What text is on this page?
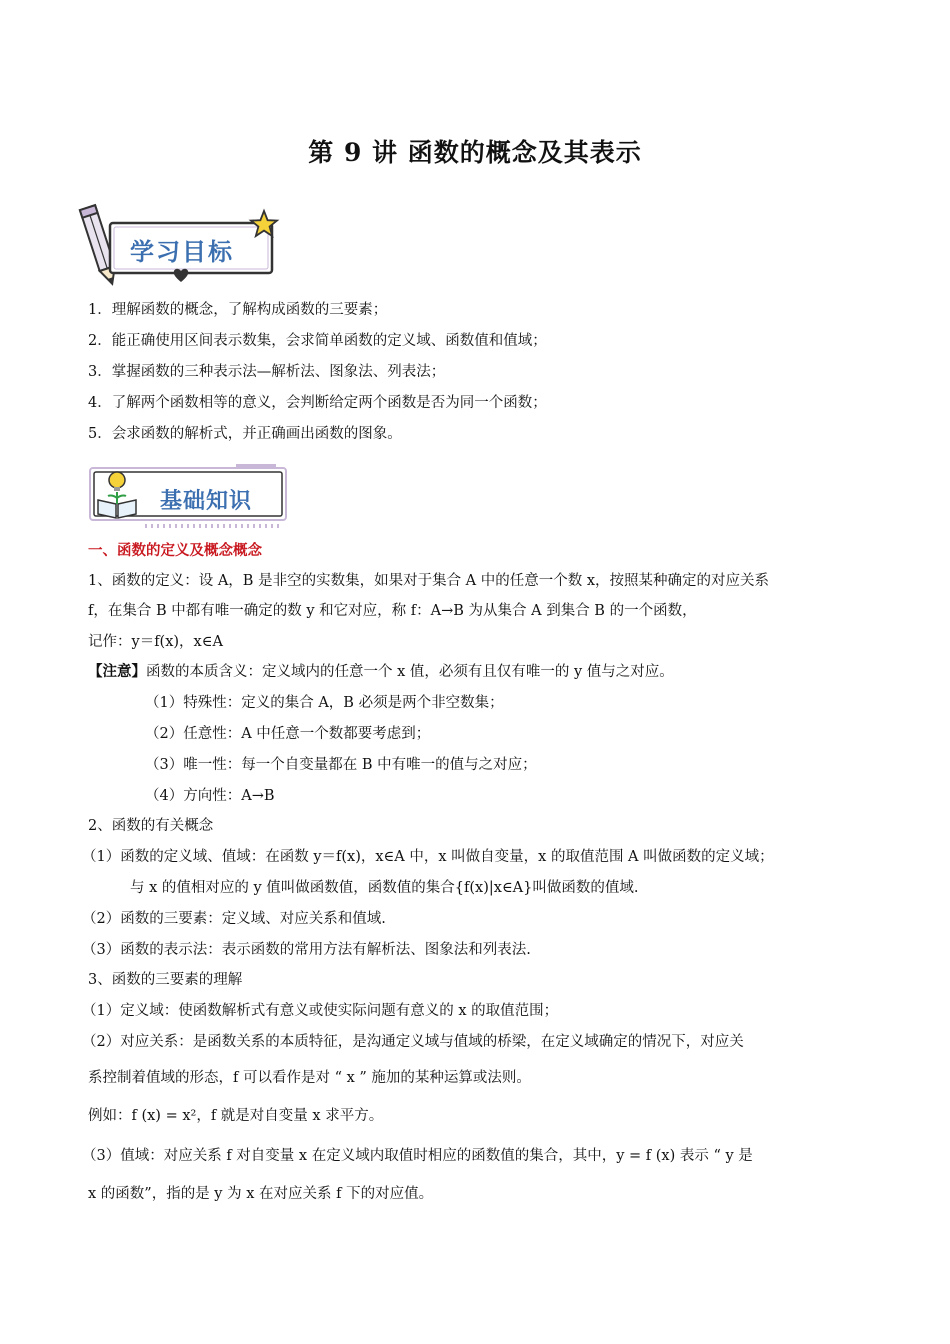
第 9 讲 函数的概念及其表示
学习目标
1．理解函数的概念，了解构成函数的三要素；
2．能正确使用区间表示数集，会求简单函数的定义域、函数值和值域；
3．掌握函数的三种表示法—解析法、图象法、列表法；
4．了解两个函数相等的意义，会判断给定两个函数是否为同一个函数；
5．会求函数的解析式，并正确画出函数的图象。
基础知识
一、函数的定义及概念概念
1、函数的定义：设 A，B 是非空的实数集，如果对于集合 A 中的任意一个数 x，按照某种确定的对应关系
f，在集合 B 中都有唯一确定的数 y 和它对应，称 f：A→B 为从集合 A 到集合 B 的一个函数，
记作：y＝f(x)，x∈A
【注意】函数的本质含义：定义域内的任意一个 x 值，必须有且仅有唯一的 y 值与之对应。
（1）特殊性：定义的集合 A，B 必须是两个非空数集；
（2）任意性：A 中任意一个数都要考虑到；
（3）唯一性：每一个自变量都在 B 中有唯一的值与之对应；
（4）方向性：A→B
2、函数的有关概念
（1）函数的定义域、值域：在函数 y＝f(x)，x∈A 中，x 叫做自变量，x 的取值范围 A 叫做函数的定义域；
与 x 的值相对应的 y 值叫做函数值，函数值的集合{f(x)|x∈A}叫做函数的值域.
（2）函数的三要素：定义域、对应关系和值域.
（3）函数的表示法：表示函数的常用方法有解析法、图象法和列表法.
3、函数的三要素的理解
（1）定义域：使函数解析式有意义或使实际问题有意义的 x 的取值范围；
（2）对应关系：是函数关系的本质特征，是沟通定义域与值域的桥梁，在定义域确定的情况下，对应关
系控制着值域的形态，f 可以看作是对 “ x ” 施加的某种运算或法则。
例如：f (x) = x²，f 就是对自变量 x 求平方。
（3）值域：对应关系 f 对自变量 x 在定义域内取值时相应的函数值的集合，其中，y = f (x) 表示 “ y 是
x 的函数”，指的是 y 为 x 在对应关系 f 下的对应值。
